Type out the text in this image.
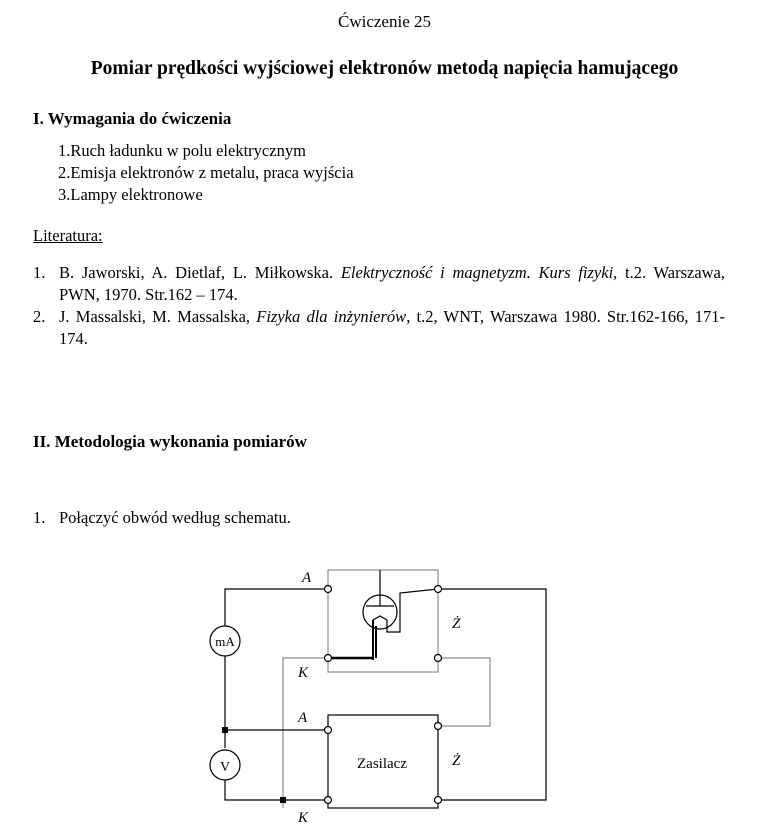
Ćwiczenie 25
Pomiar prędkości wyjściowej elektronów metodą napięcia hamującego
I. Wymagania do ćwiczenia
1.Ruch ładunku w polu elektrycznym
2.Emisja elektronów z metalu, praca wyjścia
3.Lampy elektronowe
Literatura:
1. B. Jaworski, A. Dietlaf, L. Miłkowska. Elektryczność i magnetyzm. Kurs fizyki, t.2. Warszawa, PWN, 1970. Str.162 – 174.
2. J. Massalski, M. Massalska, Fizyka dla inżynierów, t.2, WNT, Warszawa 1980. Str.162-166, 171-174.
II. Metodologia wykonania pomiarów
1. Połączyć obwód według schematu.
Zasilacz
mA
V
A
K
Ż
A
K
Ż
